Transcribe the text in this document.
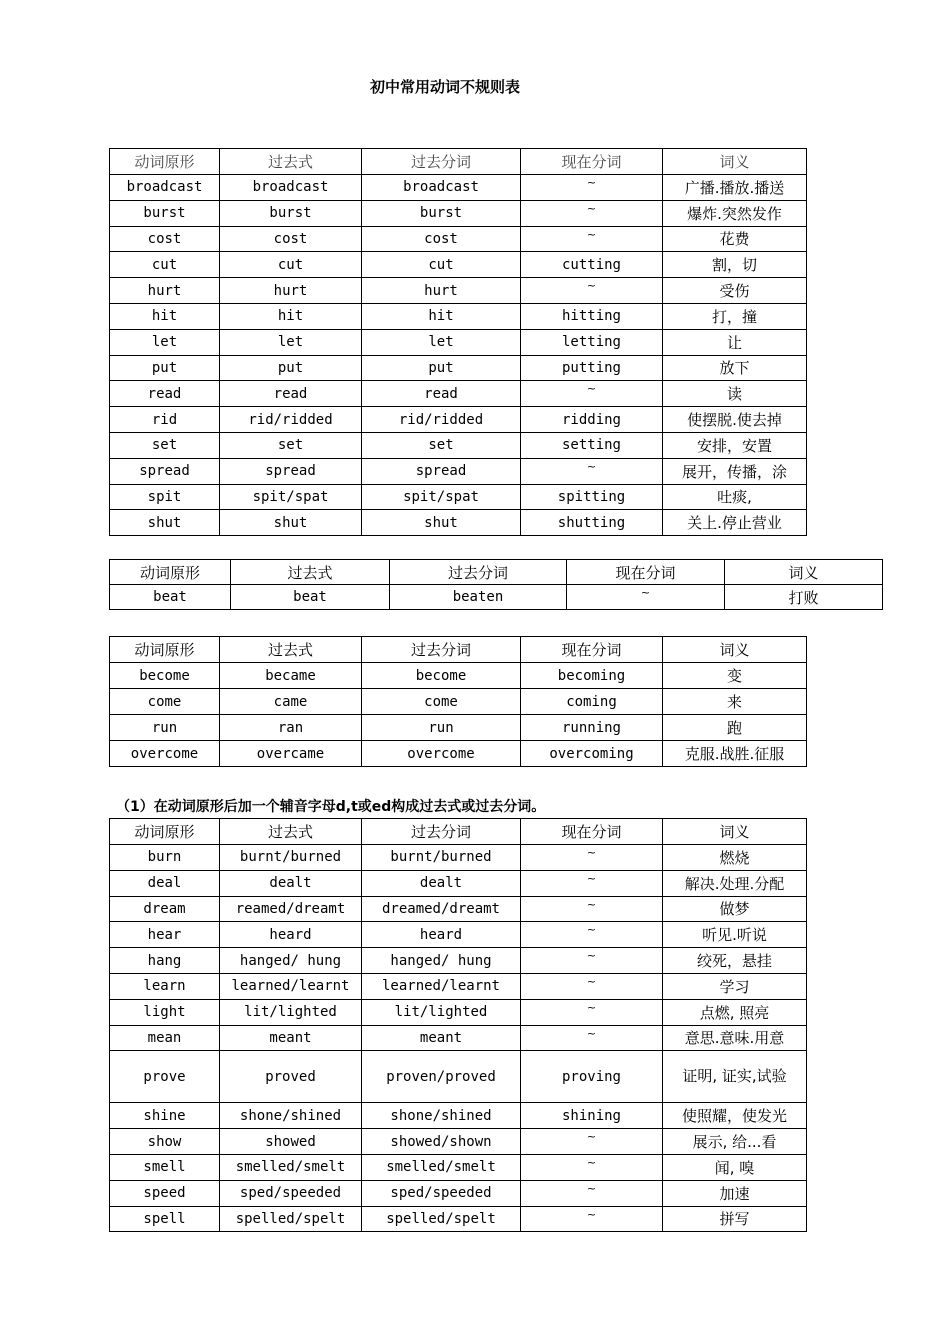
初中常用动词不规则表
动词原形	过去式	过去分词	现在分词	词义
broadcast	broadcast	broadcast	~	广播.播放.播送
burst	burst	burst	~	爆炸.突然发作
cost	cost	cost	~	花费
cut	cut	cut	cutting	割，切
hurt	hurt	hurt	~	受伤
hit	hit	hit	hitting	打，撞
let	let	let	letting	让
put	put	put	putting	放下
read	read	read	~	读
rid	rid/ridded	rid/ridded	ridding	使摆脱.使去掉
set	set	set	setting	安排，安置
spread	spread	spread	~	展开，传播，涂
spit	spit/spat	spit/spat	spitting	吐痰,
shut	shut	shut	shutting	关上.停止营业
动词原形	过去式	过去分词	现在分词	词义
beat	beat	beaten	~	打败
动词原形	过去式	过去分词	现在分词	词义
become	became	become	becoming	变
come	came	come	coming	来
run	ran	run	running	跑
overcome	overcame	overcome	overcoming	克服.战胜.征服
（1）在动词原形后加一个辅音字母d,t或ed构成过去式或过去分词。
动词原形	过去式	过去分词	现在分词	词义
burn	burnt/burned	burnt/burned	~	燃烧
deal	dealt	dealt	~	解决.处理.分配
dream	reamed/dreamt	dreamed/dreamt	~	做梦
hear	heard	heard	~	听见.听说
hang	hanged/ hung	hanged/ hung	~	绞死，悬挂
learn	learned/learnt	learned/learnt	~	学习
light	lit/lighted	lit/lighted	~	点燃, 照亮
mean	meant	meant	~	意思.意味.用意
prove	proved	proven/proved	proving	证明, 证实,试验
shine	shone/shined	shone/shined	shining	使照耀，使发光
show	showed	showed/shown	~	展示, 给...看
smell	smelled/smelt	smelled/smelt	~	闻, 嗅
speed	sped/speeded	sped/speeded	~	加速
spell	spelled/spelt	spelled/spelt	~	拼写
